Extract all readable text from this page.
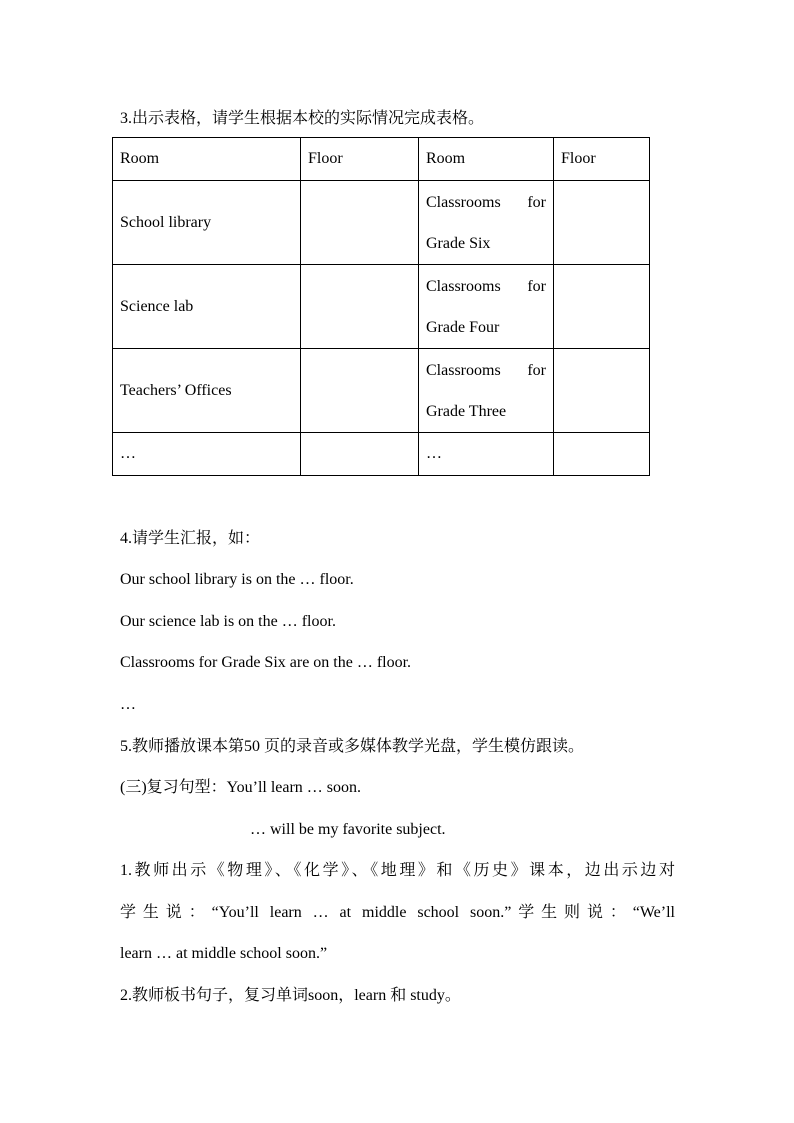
3.出示表格，请学生根据本校的实际情况完成表格。
Room	Floor	Room	Floor
School library		Classrooms for
Grade Six	

Science lab		Classrooms for
Grade Four	

Teachers’ Offices		Classrooms for
Grade Three	

…		…	
4.请学生汇报，如：
Our school library is on the … floor.
Our science lab is on the … floor.
Classrooms for Grade Six are on the … floor.
…
5.教师播放课本第50 页的录音或多媒体教学光盘，学生模仿跟读。
(三)复习句型：You’ll learn … soon.
… will be my favorite subject.
1.教师出示《物理》、《化学》、《地理》和《历史》课本，边出示边对
学生说：“You’ll learn … at middle school soon.”学生则说：“We’ll
learn … at middle school soon.”
2.教师板书句子，复习单词soon，learn 和 study。
